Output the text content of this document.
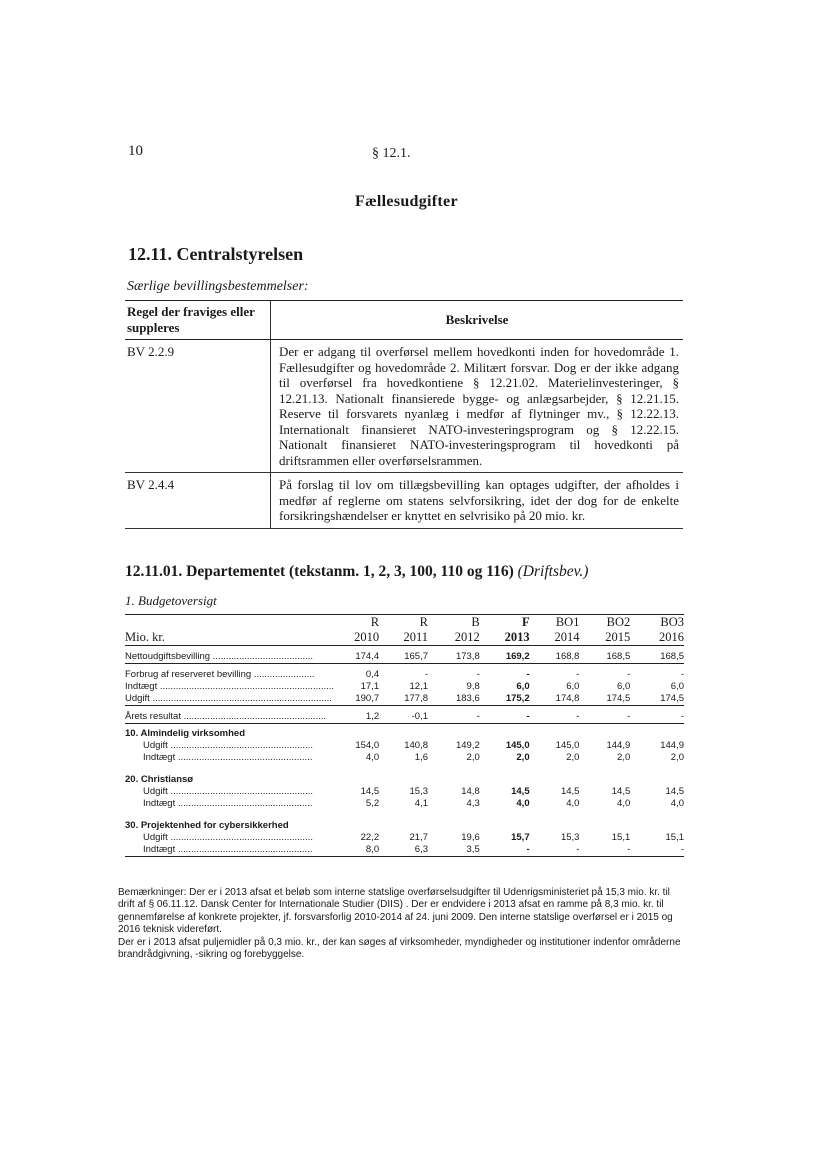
10	§ 12.1.
Fællesudgifter
12.11. Centralstyrelsen
Særlige bevillingsbestemmelser:
Regel der fraviges eller suppleres	Beskrivelse
BV 2.2.9	Der er adgang til overførsel mellem hovedkonti inden for hovedområde 1. Fællesudgifter og hovedområde 2. Militært forsvar. Dog er der ikke adgang til overførsel fra hovedkontiene § 12.21.02. Materielinvesteringer, § 12.21.13. Nationalt finansierede bygge- og anlægsarbejder, § 12.21.15. Reserve til forsvarets nyanlæg i medfør af flytninger mv., § 12.22.13. Internationalt finansieret NATO-investeringsprogram og § 12.22.15. Nationalt finansieret NATO-investeringsprogram til hovedkonti på driftsrammen eller overførselsrammen.
BV 2.4.4	På forslag til lov om tillægsbevilling kan optages udgifter, der afholdes i medfør af reglerne om statens selvforsikring, idet der dog for de enkelte forsikringshændelser er knyttet en selvrisiko på 20 mio. kr.
12.11.01. Departementet (tekstanm. 1, 2, 3, 100, 110 og 116) (Driftsbev.)
1. Budgetoversigt
	R	R	B	F	BO1	BO2	BO3
Mio. kr.	2010	2011	2012	2013	2014	2015	2016
Nettoudgiftsbevilling ......................................	174,4	165,7	173,8	169,2	168,8	168,5	168,5
Forbrug af reserveret bevilling .......................	0,4	-	-	-	-	-	-
Indtægt ..................................................................	17,1	12,1	9,8	6,0	6,0	6,0	6,0
Udgift ....................................................................	190,7	177,8	183,6	175,2	174,8	174,5	174,5
Årets resultat ......................................................	1,2	-0,1	-	-	-	-	-
10. Almindelig virksomhed							
Udgift ......................................................	154,0	140,8	149,2	145,0	145,0	144,9	144,9
Indtægt ...................................................	4,0	1,6	2,0	2,0	2,0	2,0	2,0
20. Christiansø							
Udgift ......................................................	14,5	15,3	14,8	14,5	14,5	14,5	14,5
Indtægt ...................................................	5,2	4,1	4,3	4,0	4,0	4,0	4,0
30. Projektenhed for cybersikkerhed							
Udgift ......................................................	22,2	21,7	19,6	15,7	15,3	15,1	15,1
Indtægt ...................................................	8,0	6,3	3,5	-	-	-	-

Bemærkninger: Der er i 2013 afsat et beløb som interne statslige overførselsudgifter til Udenrigsministeriet på 15,3 mio. kr. til drift af § 06.11.12. Dansk Center for Internationale Studier (DIIS) . Der er endvidere i 2013 afsat en ramme på 8,3 mio. kr. til gennemførelse af konkrete projekter, jf. forsvarsforlig 2010-2014 af 24. juni 2009. Den interne statslige overførsel er i 2015 og 2016 teknisk videreført.

Der er i 2013 afsat puljemidler på 0,3 mio. kr., der kan søges af virksomheder, myndigheder og institutioner indenfor områderne brandrådgivning, -sikring og forebyggelse.
